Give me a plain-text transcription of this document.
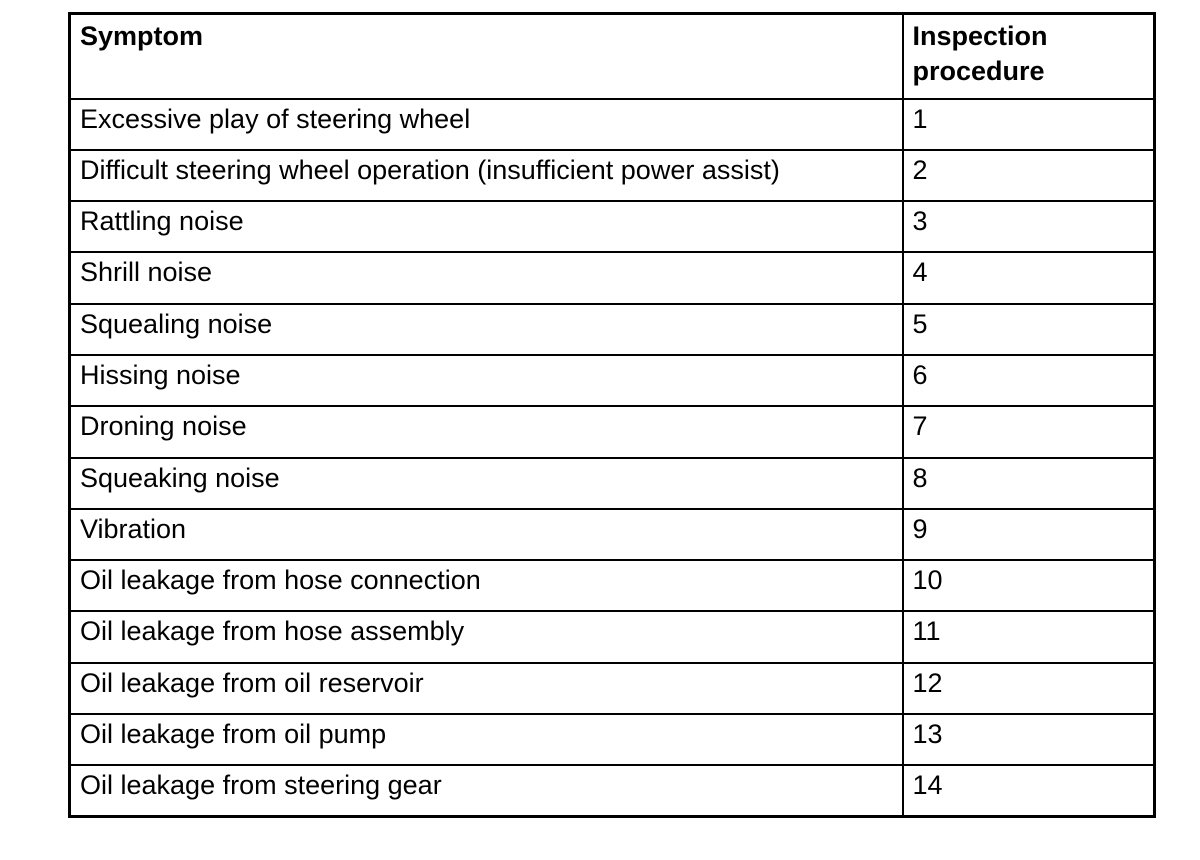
Symptom	Inspection procedure
Excessive play of steering wheel	1
Difficult steering wheel operation (insufficient power assist)	2
Rattling noise	3
Shrill noise	4
Squealing noise	5
Hissing noise	6
Droning noise	7
Squeaking noise	8
Vibration	9
Oil leakage from hose connection	10
Oil leakage from hose assembly	11
Oil leakage from oil reservoir	12
Oil leakage from oil pump	13
Oil leakage from steering gear	14
